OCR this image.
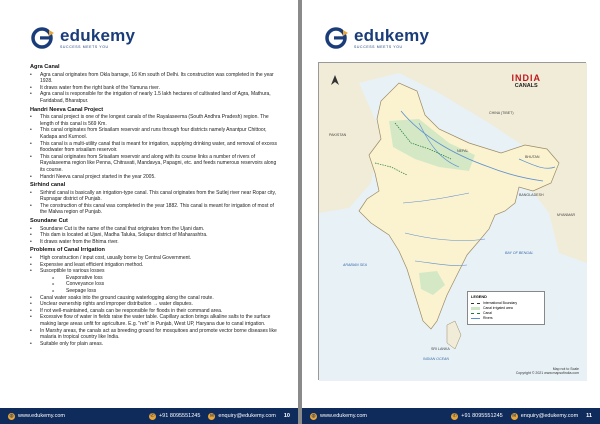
edukemy
SUCCESS MEETS YOU
Agra Canal
• Agra canal originates from Okla barrage, 16 Km south of Delhi. Its construction was completed in the year 1928.
• It draws water from the right bank of the Yamuna river.
• Agra canal is responsible for the irrigation of nearly 1.5 lakh hectares of cultivated land of Agra, Mathura, Faridabad, Bharatpur.
Handri Neeva Canal Project
• This canal project is one of the longest canals of the Rayalaseema (South Andhra Pradesh) region. The length of this canal is 569 Km.
• This canal originates from Srisailam reservoir and runs through four districts namely Anantpur Chittoor, Kadapa and Kurnool.
• This canal is a multi-utility canal that is meant for irrigation, supplying drinking water, and removal of excess floodwater from srisailam reservoir.
• This canal originates from Srisailam reservoir and along with its course links a number of rivers of Rayalaseema region like Penna, Chitravati, Mandavya, Papagni, etc. and feeds numerous reservoirs along its course.
• Handri Neeva canal project started in the year 2005.
Sirhind canal
• Sirhind canal is basically an irrigation-type canal. This canal originates from the Sutlej river near Ropar city, Rupnagar district of Punjab.
• The construction of this canal was completed in the year 1882. This canal is meant for irrigation of most of the Malwa region of Punjab.
Soundane Cut
• Soundane Cut is the name of the canal that originates from the Ujani dam.
• This dam is located at Ujani, Madha Taluka, Solapur district of Maharashtra.
• It draws water from the Bhima river.
Problems of Canal Irrigation
• High construction / input cost, usually borne by Central Government.
• Expensive and least efficient irrigation method.
• Susceptible to various losses
o Evaporative loss
o Conveyance loss
o Seepage loss
• Canal water soaks into the ground causing waterlogging along the canal route.
• Unclear ownership rights and improper distribution → water disputes.
• If not well-maintained, canals can be responsible for floods in their command area.
• Excessive flow of water in fields raise the water table. Capillary action brings alkaline salts to the surface making large areas unfit for agriculture. E.g. "reh" in Punjab, West UP, Haryana due to canal irrigation.
• In Marshy areas, the canals act as breeding ground for mosquitoes and promote vector borne diseases like malaria in tropical country like India.
• Suitable only for plain areas.
◍ www.edukemy.com	✆ +91 8095551245 ✉ enquiry@edukemy.com 10
edukemy
SUCCESS MEETS YOU
INDIA
CANALS
PAKISTAN
CHINA (TIBET)
NEPAL
BHUTAN
BANGLADESH
MYANMAR
ARABIAN SEA
BAY OF BENGAL
INDIAN OCEAN
SRI LANKA
LEGEND
International Boundary
Canal irrigated area
Canal
Rivers
Map not to Scale
Copyright © 2021 www.mapsofindia.com
◍ www.edukemy.com	✆ +91 8095551245 ✉ enquiry@edukemy.com 11
